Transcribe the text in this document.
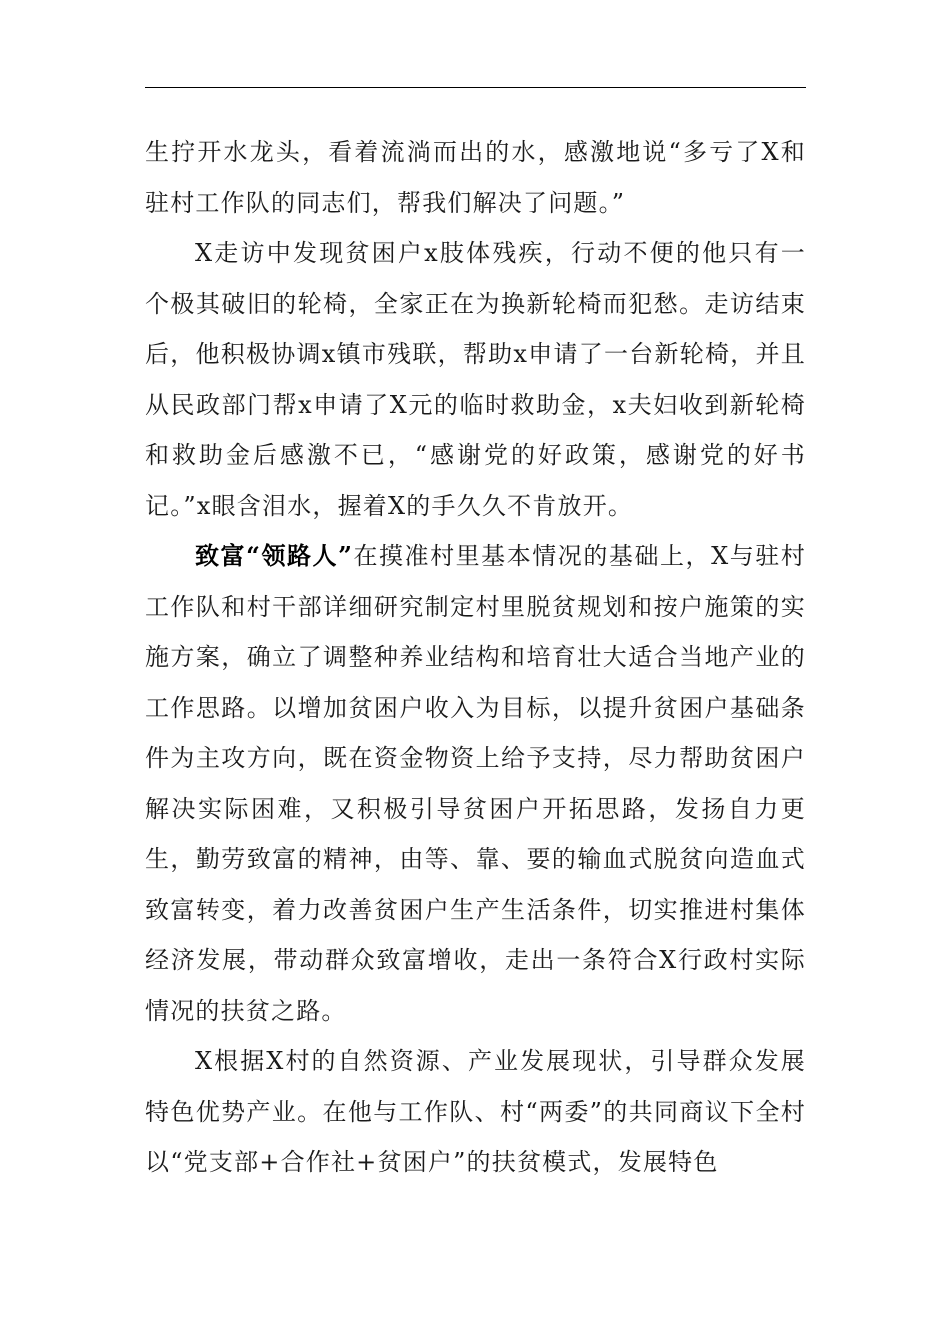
生拧开水龙头，看着流淌而出的水，感激地说“多亏了X和驻村工作队的同志们，帮我们解决了问题。”

X走访中发现贫困户x肢体残疾，行动不便的他只有一个极其破旧的轮椅，全家正在为换新轮椅而犯愁。走访结束后，他积极协调x镇市残联，帮助x申请了一台新轮椅，并且从民政部门帮x申请了X元的临时救助金，x夫妇收到新轮椅和救助金后感激不已，“感谢党的好政策，感谢党的好书记。”x眼含泪水，握着X的手久久不肯放开。

致富“领路人”在摸准村里基本情况的基础上，X与驻村工作队和村干部详细研究制定村里脱贫规划和按户施策的实施方案，确立了调整种养业结构和培育壮大适合当地产业的工作思路。以增加贫困户收入为目标，以提升贫困户基础条件为主攻方向，既在资金物资上给予支持，尽力帮助贫困户解决实际困难，又积极引导贫困户开拓思路，发扬自力更生，勤劳致富的精神，由等、靠、要的输血式脱贫向造血式致富转变，着力改善贫困户生产生活条件，切实推进村集体经济发展，带动群众致富增收，走出一条符合X行政村实际情况的扶贫之路。

X根据X村的自然资源、产业发展现状，引导群众发展特色优势产业。在他与工作队、村“两委”的共同商议下全村以“党支部+合作社+贫困户”的扶贫模式，发展特色
